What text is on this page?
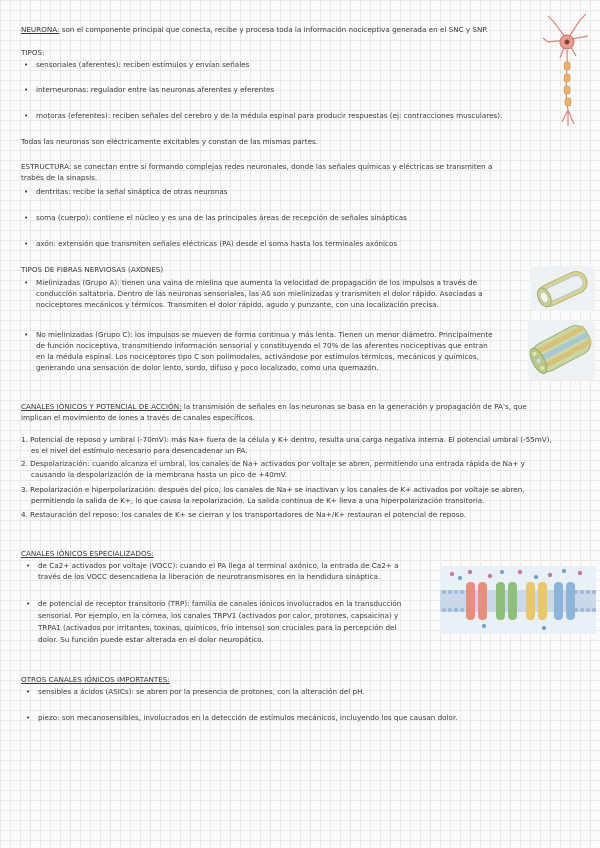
NEURONA: son el componente principal que conecta, recibe y procesa toda la información nociceptiva generada en el SNC y SNP.
TIPOS:
• sensoriales (aferentes): reciben estímulos y envían señales
• interneuronas: regulador entre las neuronas aferentes y eferentes
• motoras (eferentes): reciben señales del cerebro y de la médula espinal para producir respuestas (ej: contracciones musculares).
Todas las neuronas son eléctricamente excitables y constan de las mismas partes.
ESTRUCTURA: se conectan entre sí formando complejas redes neuronales, donde las señales químicas y eléctricas se transmiten a
trabés de la sinapsis.
• dentritas: recibe la señal sináptica de otras neuronas
• soma (cuerpo): contiene el núcleo y es una de las principales áreas de recepción de señales sinápticas
• axón: extensión que transmiten señales eléctricas (PA) desde el soma hasta los terminales axónicos
TIPOS DE FIBRAS NERVIOSAS (AXONES)
• Mielinizadas (Grupo A): tienen una vaina de mielina que aumenta la velocidad de propagación de los impulsos a través de
conducción saltatoria. Dentro de las neuronas sensoriales, las Aδ son mielinizadas y transmiten el dolor rápido. Asociadas a
nociceptores mecánicos y térmicos. Transmiten el dolor rápido, agudo y punzante, con una localización precisa.
• No mielinizadas (Grupo C): los impulsos se mueven de forma continua y más lenta. Tienen un menor diámetro. Principalmente
de función nociceptiva, transmitiendo información sensorial y constituyendo el 70% de las aferentes nociceptivas que entran
en la médula espinal. Los nociceptores tipo C son polimodales, activándose por estímulos térmicos, mecánicos y químicos,
generando una sensación de dolor lento, sordo, difuso y poco localizado, como una quemazón.
CANALES IÓNICOS Y POTENCIAL DE ACCIÓN: la transmisión de señales en las neuronas se basa en la generación y propagación de PA's, que
implican el movimiento de iones a través de canales específicos.
1. Potencial de reposo y umbral (-70mV): más Na+ fuera de la célula y K+ dentro, resulta una carga negativa interna. El potencial umbral (-55mV),
es el nivel del estímulo necesario para desencadenar un PA.
2. Despolarización: cuando alcanza el umbral, los canales de Na+ activados por voltaje se abren, permitiendo una entrada rápida de Na+ y
causando la despolarización de la membrana hasta un pico de +40mV.
3. Repolarización e hiperpolarización: después del pico, los canales de Na+ se inactivan y los canales de K+ activados por voltaje se abren,
permitiendo la salida de K+, lo que causa la repolarización. La salida continua de K+ lleva a una hiperpolarización transitoria.
4. Restauración del reposo: los canales de K+ se cierran y los transportadores de Na+/K+ restauran el potencial de reposo.
CANALES IÓNICOS ESPECIALIZADOS:
• de Ca2+ activados por voltaje (VOCC): cuando el PA llega al terminal axónico, la entrada de Ca2+ a
través de los VOCC desencadena la liberación de neurotransmisores en la hendidura sináptica.
• de potencial de receptor transitorio (TRP): familia de canales iónicos involucrados en la transducción
sensorial. Por ejemplo, en la córnea, los canales TRPV1 (activados por calor, protones, capsaicina) y
TRPA1 (activados por irritantes, toxinas, químicos, frío intenso) son cruciales para la percepción del
dolor. Su función puede estar alterada en el dolor neuropático.
OTROS CANALES IÓNICOS IMPORTANTES:
• sensibles a ácidos (ASICs): se abren por la presencia de protones, con la alteración del pH.
• piezo: son mecanosensibles, involucrados en la detección de estímulos mecánicos, incluyendo los que causan dolor.
